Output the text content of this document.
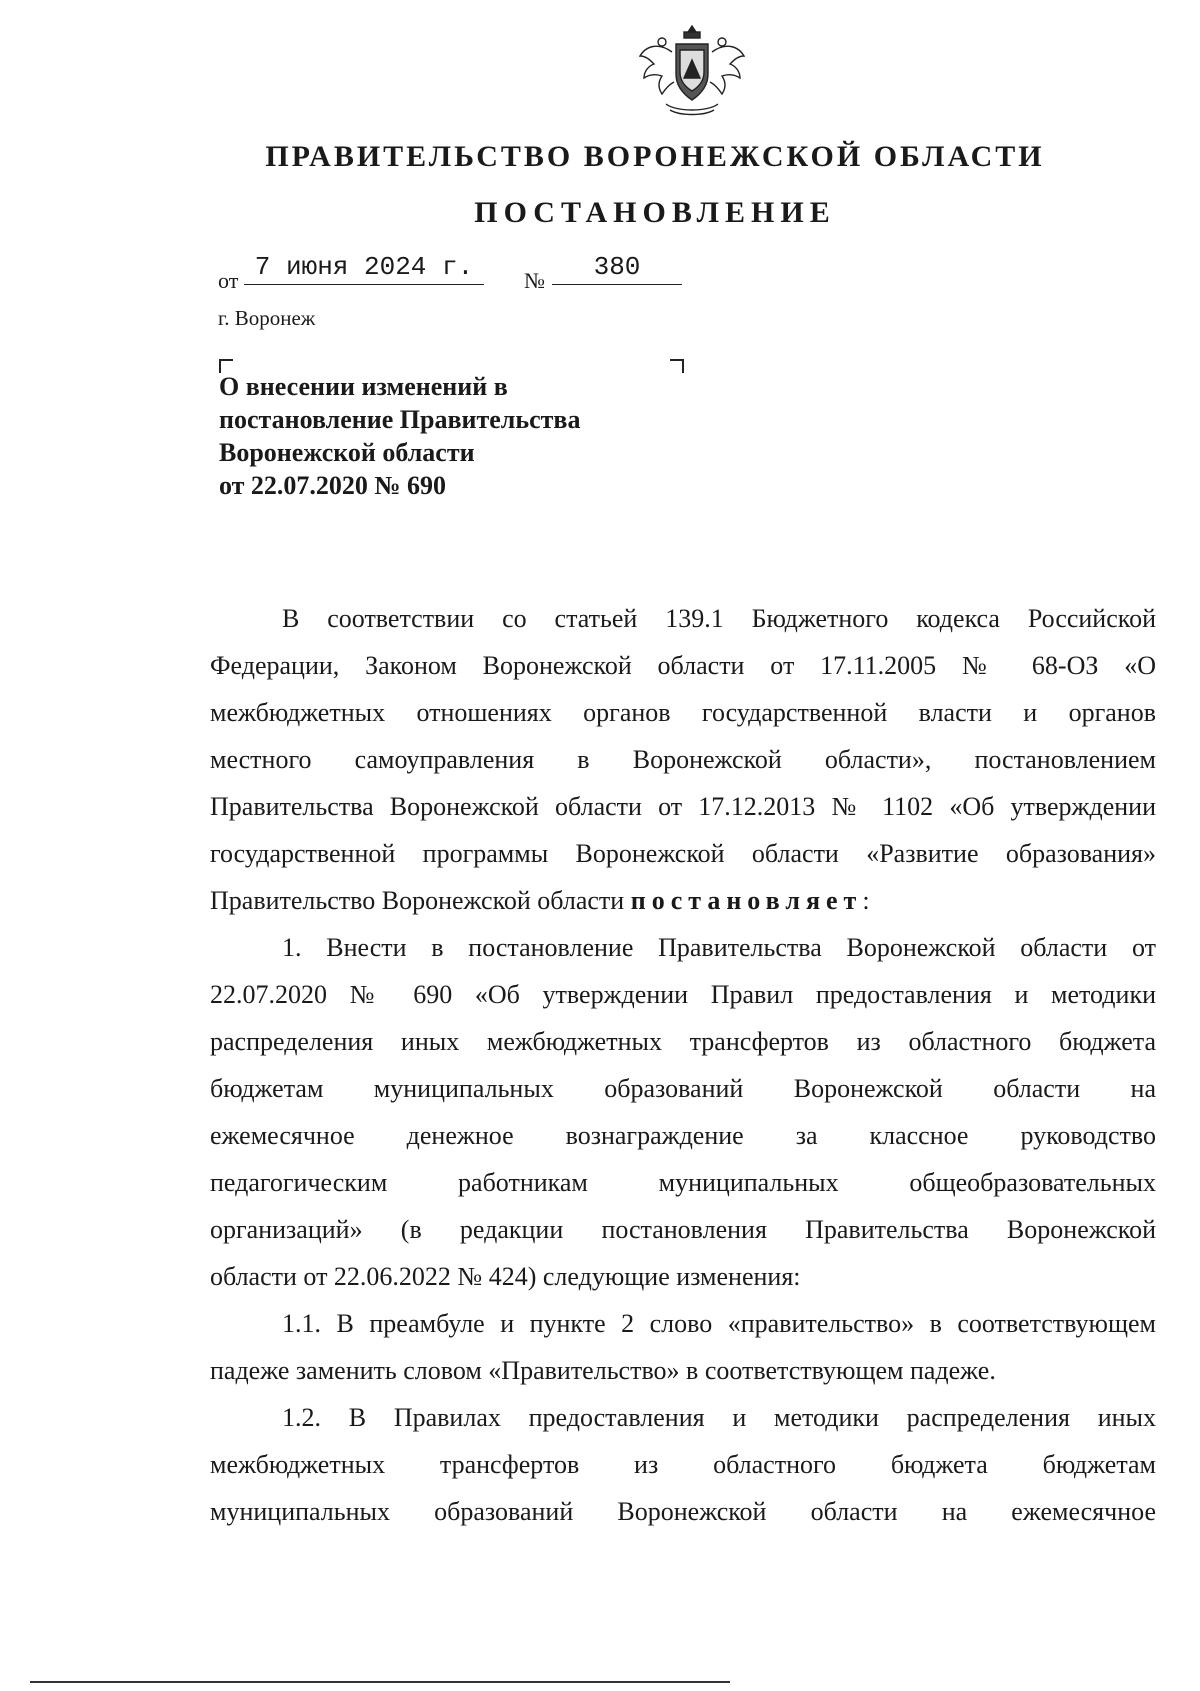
ПРАВИТЕЛЬСТВО ВОРОНЕЖСКОЙ ОБЛАСТИ
ПОСТАНОВЛЕНИЕ
от 7 июня 2024 г.	№	380
г. Воронеж
О внесении изменений в
постановление Правительства
Воронежской области
от 22.07.2020 № 690
В соответствии со статьей 139.1 Бюджетного кодекса Российской
Федерации, Законом Воронежской области от 17.11.2005 № 68-ОЗ «О
межбюджетных отношениях органов государственной власти и органов
местного самоуправления в Воронежской области», постановлением
Правительства Воронежской области от 17.12.2013 № 1102 «Об утверждении
государственной программы Воронежской области «Развитие образования»
Правительство Воронежской области постановляет:
1. Внести в постановление Правительства Воронежской области от
22.07.2020 № 690 «Об утверждении Правил предоставления и методики
распределения иных межбюджетных трансфертов из областного бюджета
бюджетам муниципальных образований Воронежской области на
ежемесячное денежное вознаграждение за классное руководство
педагогическим работникам муниципальных общеобразовательных
организаций» (в редакции постановления Правительства Воронежской
области от 22.06.2022 № 424) следующие изменения:
1.1. В преамбуле и пункте 2 слово «правительство» в соответствующем
падеже заменить словом «Правительство» в соответствующем падеже.
1.2. В Правилах предоставления и методики распределения иных
межбюджетных трансфертов из областного бюджета бюджетам
муниципальных образований Воронежской области на ежемесячное
